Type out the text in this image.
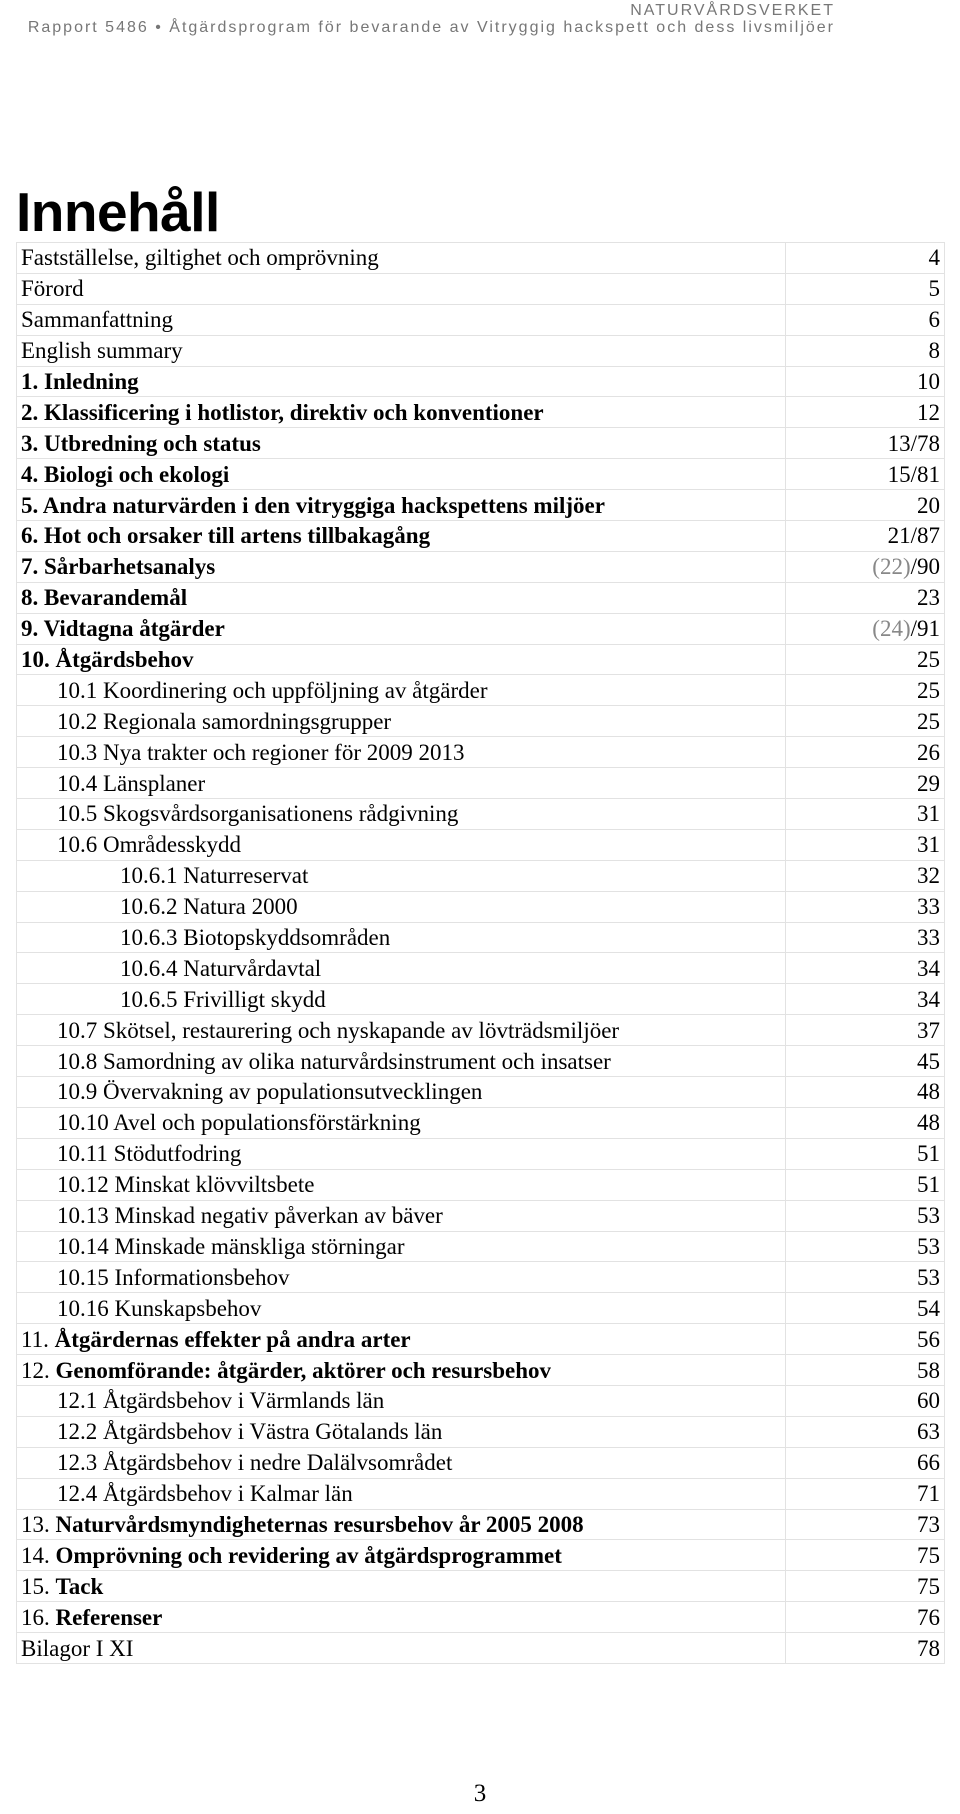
NATURVÅRDSVERKET
Rapport 5486 • Åtgärdsprogram för bevarande av Vitryggig hackspett och dess livsmiljöer
Innehåll
Fastställelse, giltighet och omprövning	4
Förord	5
Sammanfattning	6
English summary	8
1. Inledning	10
2. Klassificering i hotlistor, direktiv och konventioner	12
3. Utbredning och status	13/78
4. Biologi och ekologi	15/81
5. Andra naturvärden i den vitryggiga hackspettens miljöer	20
6. Hot och orsaker till artens tillbakagång	21/87
7. Sårbarhetsanalys	(22)/90
8. Bevarandemål	23
9. Vidtagna åtgärder	(24)/91
10. Åtgärdsbehov	25
10.1 Koordinering och uppföljning av åtgärder	25
10.2 Regionala samordningsgrupper	25
10.3 Nya trakter och regioner för 2009 2013	26
10.4 Länsplaner	29
10.5 Skogsvårdsorganisationens rådgivning	31
10.6 Områdesskydd	31
10.6.1 Naturreservat	32
10.6.2 Natura 2000	33
10.6.3 Biotopskyddsområden	33
10.6.4 Naturvårdavtal	34
10.6.5 Frivilligt skydd	34
10.7 Skötsel, restaurering och nyskapande av lövträdsmiljöer	37
10.8 Samordning av olika naturvårdsinstrument och insatser	45
10.9 Övervakning av populationsutvecklingen	48
10.10 Avel och populationsförstärkning	48
10.11 Stödutfodring	51
10.12 Minskat klövviltsbete	51
10.13 Minskad negativ påverkan av bäver	53
10.14 Minskade mänskliga störningar	53
10.15 Informationsbehov	53
10.16 Kunskapsbehov	54
11. Åtgärdernas effekter på andra arter	56
12. Genomförande: åtgärder, aktörer och resursbehov	58
12.1 Åtgärdsbehov i Värmlands län	60
12.2 Åtgärdsbehov i Västra Götalands län	63
12.3 Åtgärdsbehov i nedre Dalälvsområdet	66
12.4 Åtgärdsbehov i Kalmar län	71
13. Naturvårdsmyndigheternas resursbehov år 2005 2008	73
14. Omprövning och revidering av åtgärdsprogrammet	75
15. Tack	75
16. Referenser	76
Bilagor I XI	78
3
